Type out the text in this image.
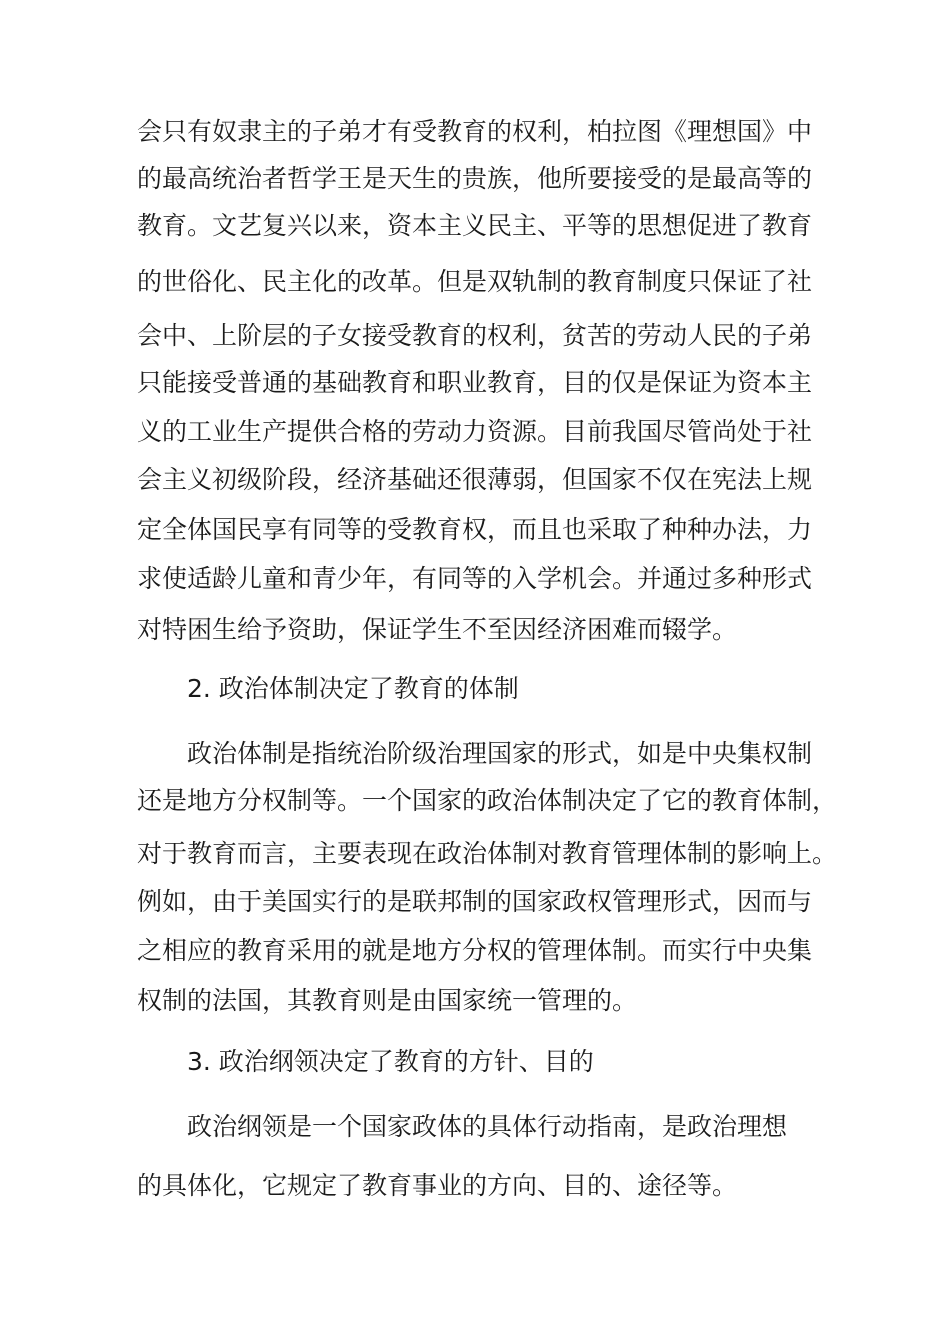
会只有奴隶主的子弟才有受教育的权利，柏拉图《理想国》中
的最高统治者哲学王是天生的贵族，他所要接受的是最高等的
教育。文艺复兴以来，资本主义民主、平等的思想促进了教育
的世俗化、民主化的改革。但是双轨制的教育制度只保证了社
会中、上阶层的子女接受教育的权利，贫苦的劳动人民的子弟
只能接受普通的基础教育和职业教育，目的仅是保证为资本主
义的工业生产提供合格的劳动力资源。目前我国尽管尚处于社
会主义初级阶段，经济基础还很薄弱，但国家不仅在宪法上规
定全体国民享有同等的受教育权，而且也采取了种种办法，力
求使适龄儿童和青少年，有同等的入学机会。并通过多种形式
对特困生给予资助，保证学生不至因经济困难而辍学。
2. 政治体制决定了教育的体制
政治体制是指统治阶级治理国家的形式，如是中央集权制
还是地方分权制等。一个国家的政治体制决定了它的教育体制，
对于教育而言，主要表现在政治体制对教育管理体制的影响上。
例如，由于美国实行的是联邦制的国家政权管理形式，因而与
之相应的教育采用的就是地方分权的管理体制。而实行中央集
权制的法国，其教育则是由国家统一管理的。
3. 政治纲领决定了教育的方针、目的
政治纲领是一个国家政体的具体行动指南，是政治理想
的具体化，它规定了教育事业的方向、目的、途径等。
